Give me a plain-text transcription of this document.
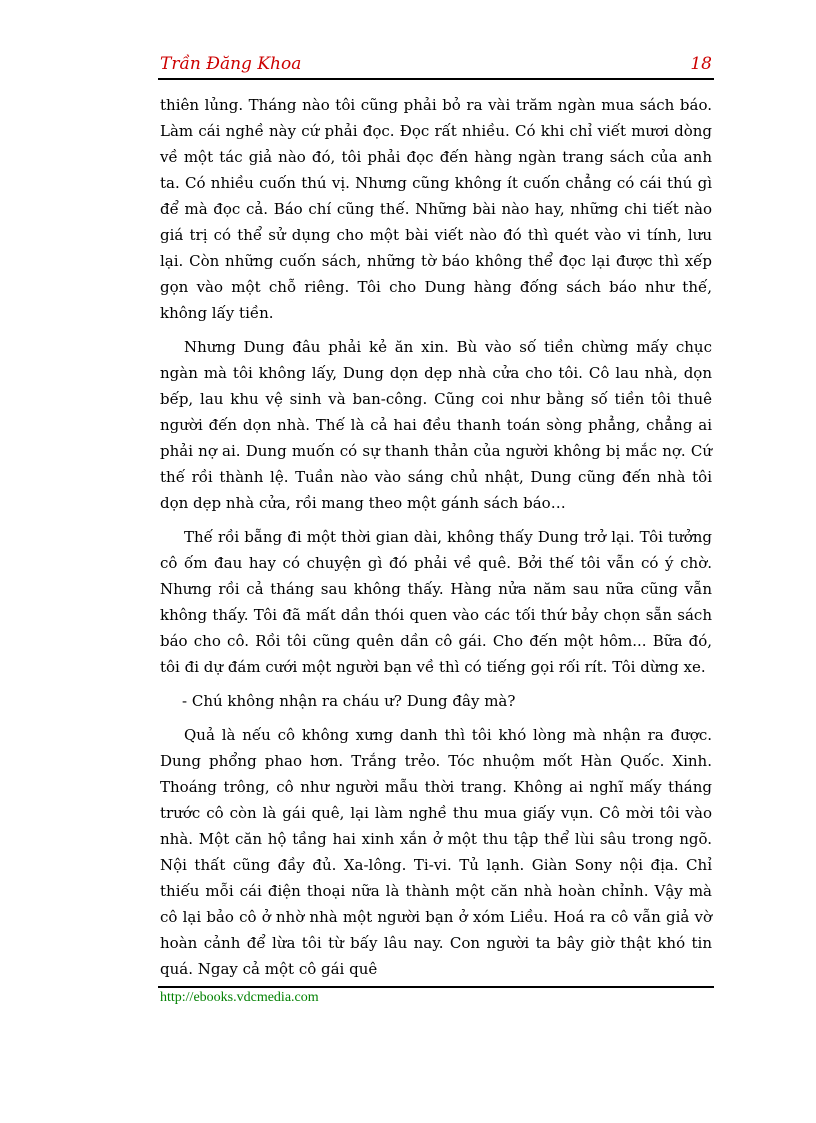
Trần Đăng Khoa	18

thiên lủng. Tháng nào tôi cũng phải bỏ ra vài trăm ngàn mua sách báo. Làm cái nghề này cứ phải đọc. Đọc rất nhiều. Có khi chỉ viết mươi dòng về một tác giả nào đó, tôi phải đọc đến hàng ngàn trang sách của anh ta. Có nhiều cuốn thú vị. Nhưng cũng không ít cuốn chẳng có cái thú gì để mà đọc cả. Báo chí cũng thế. Những bài nào hay, những chi tiết nào giá trị có thể sử dụng cho một bài viết nào đó thì quét vào vi tính, lưu lại. Còn những cuốn sách, những tờ báo không thể đọc lại được thì xếp gọn vào một chỗ riêng. Tôi cho Dung hàng đống sách báo như thế, không lấy tiền.

Nhưng Dung đâu phải kẻ ăn xin. Bù vào số tiền chừng mấy chục ngàn mà tôi không lấy, Dung dọn dẹp nhà cửa cho tôi. Cô lau nhà, dọn bếp, lau khu vệ sinh và ban-công. Cũng coi như bằng số tiền tôi thuê người đến dọn nhà. Thế là cả hai đều thanh toán sòng phẳng, chẳng ai phải nợ ai. Dung muốn có sự thanh thản của người không bị mắc nợ. Cứ thế rồi thành lệ. Tuần nào vào sáng chủ nhật, Dung cũng đến nhà tôi dọn dẹp nhà cửa, rồi mang theo một gánh sách báo…

Thế rồi bẵng đi một thời gian dài, không thấy Dung trở lại. Tôi tưởng cô ốm đau hay có chuyện gì đó phải về quê. Bởi thế tôi vẫn có ý chờ. Nhưng rồi cả tháng sau không thấy. Hàng nửa năm sau nữa cũng vẫn không thấy. Tôi đã mất dần thói quen vào các tối thứ bảy chọn sẵn sách báo cho cô. Rồi tôi cũng quên dần cô gái. Cho đến một hôm... Bữa đó, tôi đi dự đám cưới một người bạn về thì có tiếng gọi rối rít. Tôi dừng xe.

- Chú không nhận ra cháu ư? Dung đây mà?

Quả là nếu cô không xưng danh thì tôi khó lòng mà nhận ra được. Dung phổng phao hơn. Trắng trẻo. Tóc nhuộm mốt Hàn Quốc. Xinh. Thoáng trông, cô như người mẫu thời trang. Không ai nghĩ mấy tháng trước cô còn là gái quê, lại làm nghề thu mua giấy vụn. Cô mời tôi vào nhà. Một căn hộ tầng hai xinh xắn ở một thu tập thể lùi sâu trong ngõ. Nội thất cũng đầy đủ. Xa-lông. Ti-vi. Tủ lạnh. Giàn Sony nội địa. Chỉ thiếu mỗi cái điện thoại nữa là thành một căn nhà hoàn chỉnh. Vậy mà cô lại bảo cô ở nhờ nhà một người bạn ở xóm Liều. Hoá ra cô vẫn giả vờ hoàn cảnh để lừa tôi từ bấy lâu nay. Con người ta bây giờ thật khó tin quá. Ngay cả một cô gái quê

http://ebooks.vdcmedia.com
